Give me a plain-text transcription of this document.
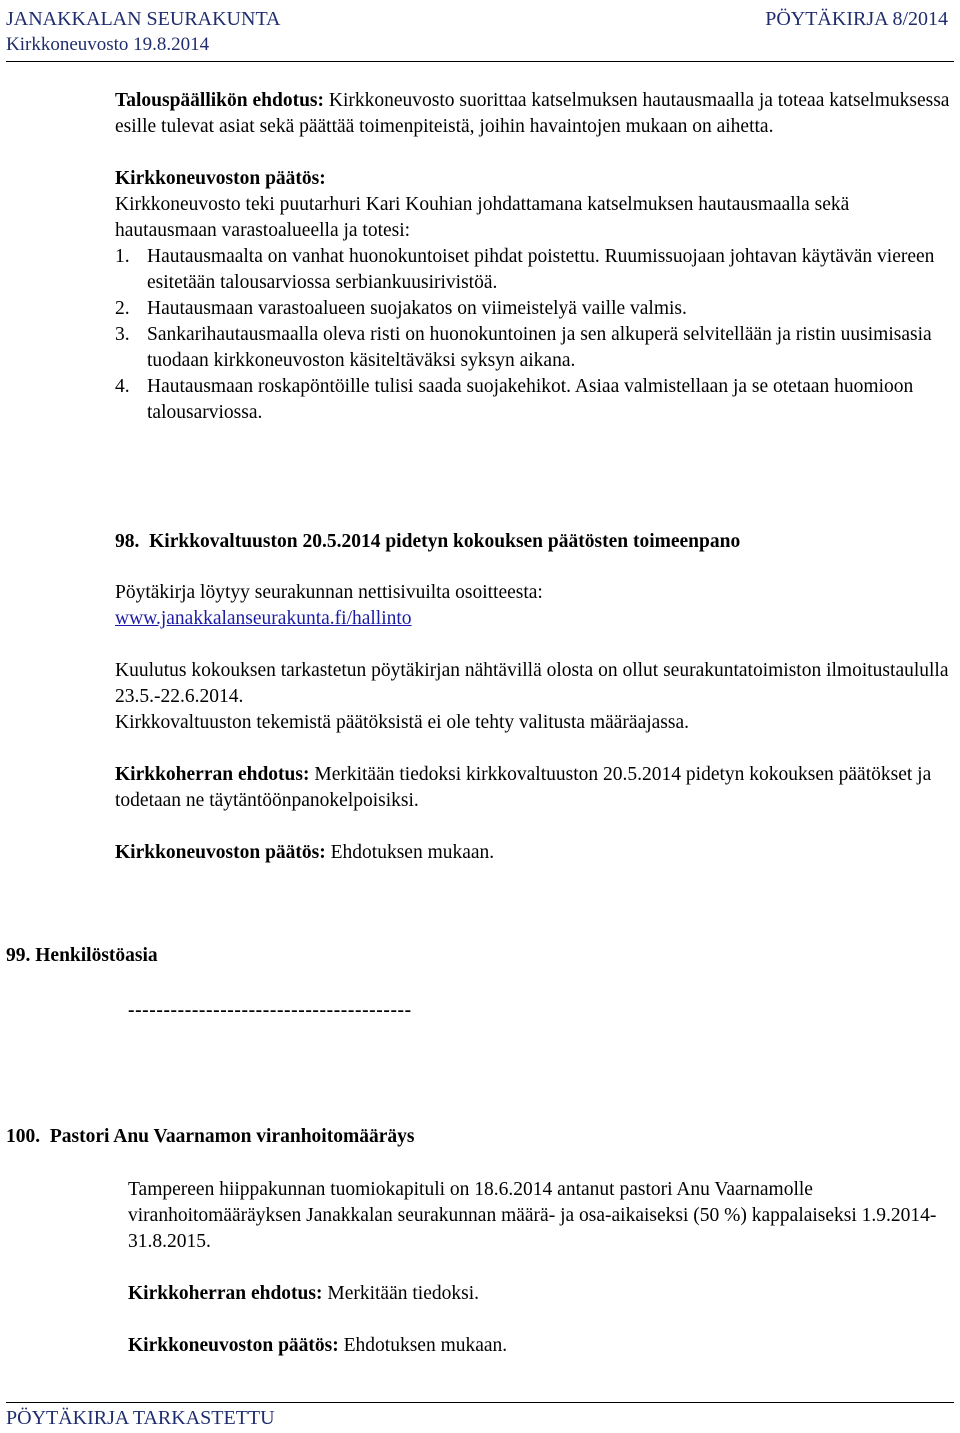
JANAKKALAN SEURAKUNTA	PÖYTÄKIRJA 8/2014
Kirkkoneuvosto 19.8.2014

Talouspäällikön ehdotus: Kirkkoneuvosto suorittaa katselmuksen hautausmaalla ja toteaa katselmuksessa esille tulevat asiat sekä päättää toimenpiteistä, joihin havaintojen mukaan on aihetta.

Kirkkoneuvoston päätös:

Kirkkoneuvosto teki puutarhuri Kari Kouhian johdattamana katselmuksen hautausmaalla sekä hautausmaan varastoalueella ja totesi:

1. Hautausmaalta on vanhat huonokuntoiset pihdat poistettu. Ruumissuojaan johtavan käytävän viereen esitetään talousarviossa serbiankuusirivistöä.
2. Hautausmaan varastoalueen suojakatos on viimeistelyä vaille valmis.
3. Sankarihautausmaalla oleva risti on huonokuntoinen ja sen alkuperä selvitellään ja ristin uusimisasia tuodaan kirkkoneuvoston käsiteltäväksi syksyn aikana.
4. Hautausmaan roskapöntöille tulisi saada suojakehikot. Asiaa valmistellaan ja se otetaan huomioon talousarviossa.
98. Kirkkovaltuuston 20.5.2014 pidetyn kokouksen päätösten toimeenpano

Pöytäkirja löytyy seurakunnan nettisivuilta osoitteesta:

www.janakkalanseurakunta.fi/hallinto

Kuulutus kokouksen tarkastetun pöytäkirjan nähtävillä olosta on ollut seurakuntatoimiston ilmoitustaululla 23.5.-22.6.2014.

Kirkkovaltuuston tekemistä päätöksistä ei ole tehty valitusta määräajassa.

Kirkkoherran ehdotus: Merkitään tiedoksi kirkkovaltuuston 20.5.2014 pidetyn kokouksen päätökset ja todetaan ne täytäntöönpanokelpoisiksi.

Kirkkoneuvoston päätös: Ehdotuksen mukaan.

99. Henkilöstöasia
----------------------------------------
100. Pastori Anu Vaarnamon viranhoitomääräys

Tampereen hiippakunnan tuomiokapituli on 18.6.2014 antanut pastori Anu Vaarnamolle viranhoitomääräyksen Janakkalan seurakunnan määrä- ja osa-aikaiseksi (50 %) kappalaiseksi 1.9.2014-31.8.2015.

Kirkkoherran ehdotus: Merkitään tiedoksi.

Kirkkoneuvoston päätös: Ehdotuksen mukaan.

PÖYTÄKIRJA TARKASTETTU
